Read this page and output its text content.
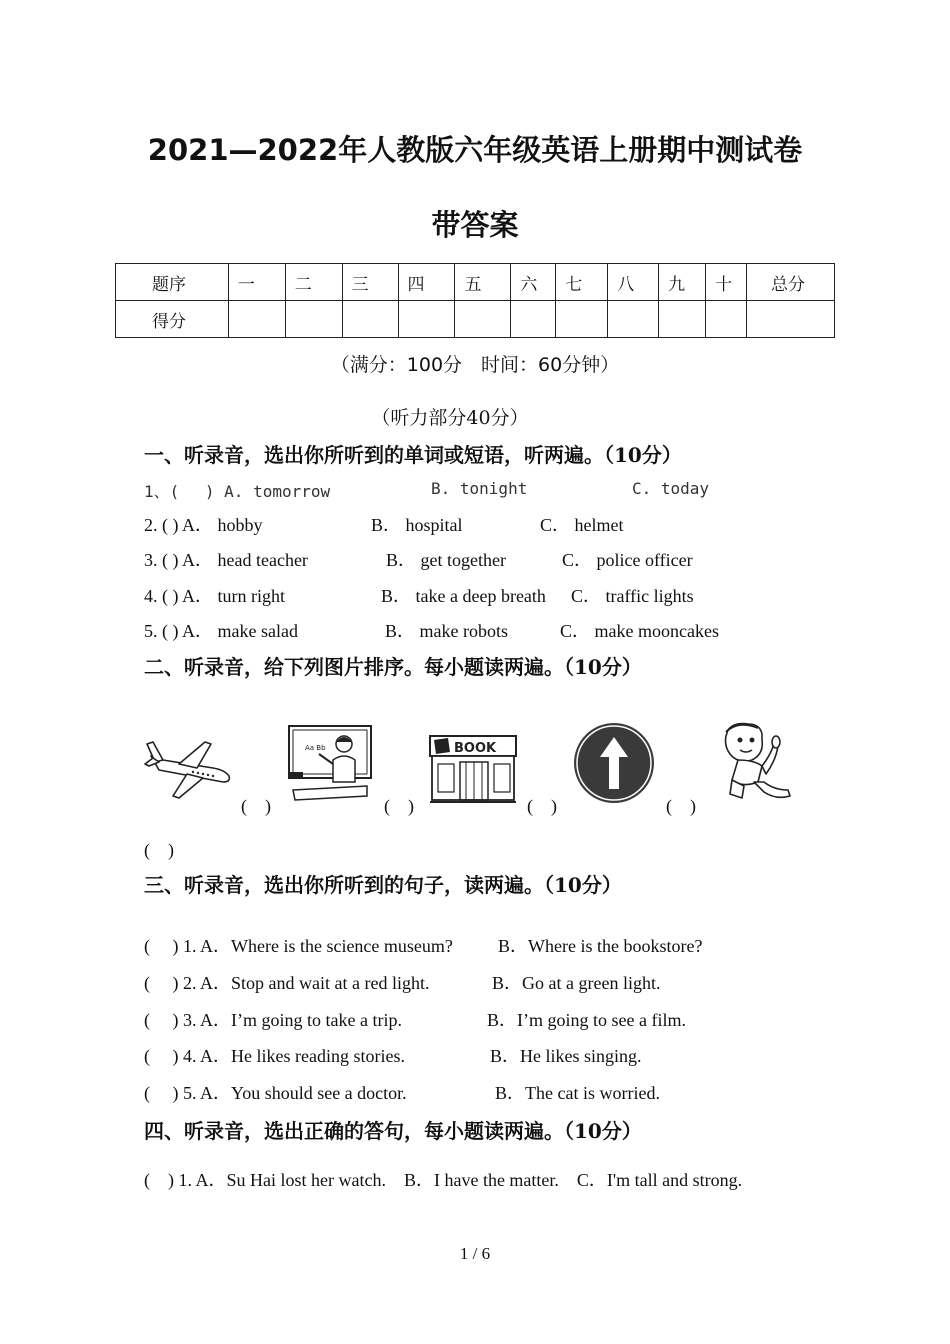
2021—2022年人教版六年级英语上册期中测试卷
带答案
题序	一	二	三	四	五	六	七	八	九	十	总分
得分											
（满分：100分　时间：60分钟）
（听力部分40分）
一、听录音，选出你所听到的单词或短语，听两遍。（10分）
1、(　 ) A. tomorrow	B. tonight	C. today
2. ( ) A． hobby	B． hospital	C． helmet
3. ( ) A． head teacher	B． get together	C． police officer
4. ( ) A． turn right	B． take a deep breath C． traffic lights
5. ( ) A． make salad	B． make robots	C． make mooncakes
二、听录音，给下列图片排序。每小题读两遍。（10分）
(　)
Aa Bb
(　)
BOOK
(　)	(　)
(　)
三、听录音，选出你所听到的句子，读两遍。（10分）
(　 ) 1. A．Where is the science museum?	B．Where is the bookstore?
(　 ) 2. A．Stop and wait at a red light.	B．Go at a green light.
(　 ) 3. A．I’m going to take a trip.	B．I’m going to see a film.
(　 ) 4. A．He likes reading stories.	B．He likes singing.
(　 ) 5. A．You should see a doctor.	B．The cat is worried.
四、听录音，选出正确的答句，每小题读两遍。（10分）
(　) 1. A．Su Hai lost her watch.　B．I have the matter.　C．I'm tall and strong.
1 / 6
